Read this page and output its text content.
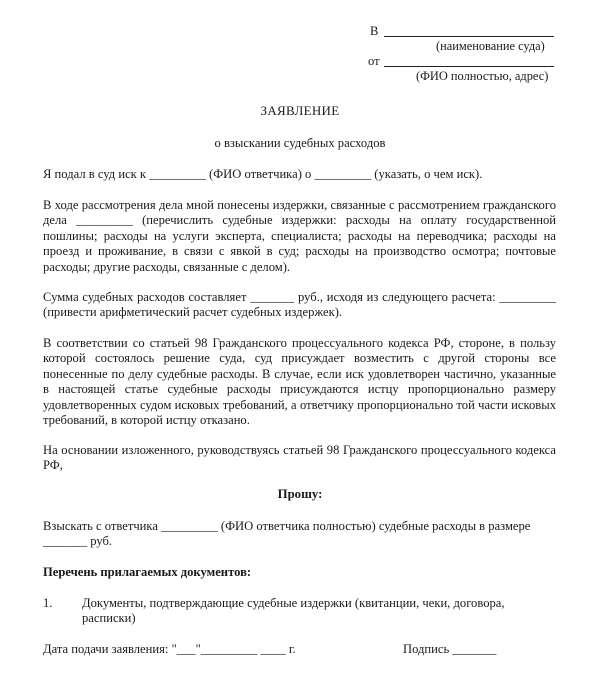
В
(наименование суда)
от
(ФИО полностью, адрес)
ЗАЯВЛЕНИЕ
о взыскании судебных расходов
Я подал в суд иск к _________ (ФИО ответчика) о _________ (указать, о чем иск).
В ходе рассмотрения дела мной понесены издержки, связанные с рассмотрением гражданского дела _________ (перечислить судебные издержки: расходы на оплату государственной пошлины; расходы на услуги эксперта, специалиста; расходы на переводчика; расходы на проезд и проживание, в связи с явкой в суд; расходы на производство осмотра; почтовые расходы; другие расходы, связанные с делом).
Сумма судебных расходов составляет _______ руб., исходя из следующего расчета: _________ (привести арифметический расчет судебных издержек).
В соответствии со статьей 98 Гражданского процессуального кодекса РФ, стороне, в пользу которой состоялось решение суда, суд присуждает возместить с другой стороны все понесенные по делу судебные расходы. В случае, если иск удовлетворен частично, указанные в настоящей статье судебные расходы присуждаются истцу пропорционально размеру удовлетворенных судом исковых требований, а ответчику пропорционально той части исковых требований, в которой истцу отказано.
На основании изложенного, руководствуясь статьей 98 Гражданского процессуального кодекса РФ,
Прошу:
Взыскать с ответчика _________ (ФИО ответчика полностью) судебные расходы в размере _______ руб.
Перечень прилагаемых документов:
1. Документы, подтверждающие судебные издержки (квитанции, чеки, договора, расписки)
Дата подачи заявления: "___"_________ ____ г.	Подпись _______
